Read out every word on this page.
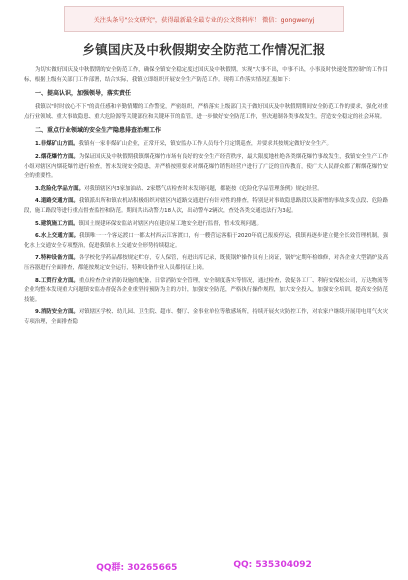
关注头条号"公文研究"，获得最新最全最专业的公文资料库！ 微信：gongwenyj
乡镇国庆及中秋假期安全防范工作情况汇报

为切实做好国庆及中秋假期的安全防范工作，确保全镇安全稳定度过国庆及中秋假期，实现"大事不出，中事不出，小事及时快速处置控制"的工作目标，根据上级有关部门工作部署，结合实际，我镇立即组织开展安全生产防范工作。现将工作落实情况汇报如下：

一、提高认识，加强领导，落实责任

我镇以"时时放心不下"的责任感和辛勤情耀的工作警觉，严密组织，严格落实上级部门关于做好国庆及中秋假期期间安全防范工作的要求，强化对重点行业领域、重大事故隐患、重大危险源等关键部位和关键环节的监管，进一步做好安全防范工作，坚决遏制各类事故发生，营造安全稳定的社会环境。

二、重点行业领域的安全生产隐患排查治理工作

1.非煤矿山方面。我镇有一家非煤矿山企业，正常开采，镇安监办工作人员每个月定期巡查，并要求其按规定做好安全生产。

2.烟花爆竹方面。为保证国庆及中秋假期我镇烟花爆竹市场有良好的安全生产经营秩序，最大限度地杜绝各类烟花爆竹事故发生，我镇安全生产工作小组对辖区内烟花爆竹进行检查，暂未发现安全隐患，并严格按照要求对烟花爆竹销售经营户进行了广泛的宣传教育，使广大人民群众都了解烟花爆竹安全的重要性。

3.危险化学品方面。对我镇辖区内3家加油站、2家燃气店检查时未发现问题，都能按《危险化学品管理条例》规定经营。

4.道路交通方面。我镇派出所和镇农机站积极组织对辖区内道路交通进行有针对性的排查，特别是对事故隐患路段以及新增的事故多发点段、危险路段，施工路段等进行重点督查监控和防范。期间共出动警力18人次，出动警车2辆次，查处各类交通违法行为3起。

5.建筑施工方面。镇国土规建环保安监站对辖区内在建房屋工地安全进行监督，暂未发现问题。

6.水上交通方面。我镇唯一一个客运渡口一都太村西云江客渡口，有一艘营运客船于2020年底已报废停运，我镇再逐步建立健全长效管理机制，强化水上交通安全专项整治，促进我镇水上交通安全形势持续稳定。

7.特种设备方面。各学校化学药品都按规定贮存，专人保管，有进出库记录，既使锅炉操作员有上岗证，锅炉定期年检维修，对各企业大型锅炉及高压容器进行全面排查，都能按规定安全运行，特种设备作业人员都持证上岗。

8.工贸行业方面。重点检查企业消防设施的配备，日常消防安全管理，安全制度落实等情况，通过检查，敦促各工厂、利府安保松公司，万达物流等企业均整本发现重大问题镇安监办督促各企业重坚持预防为主的方针，加强安全防范，严格执行操作规程，加大安全投入，加强安全培训，提高安全防范技能。

9.消防安全方面。对镇辖区学校、幼儿园、卫生院、超市、餐厅、金事业单位等敏感场所，持续开展火灾防控工作，对农家户继续开展用电用气火灾专项治理，全面排查隐

QQ群: 30265665	QQ: 535304092
